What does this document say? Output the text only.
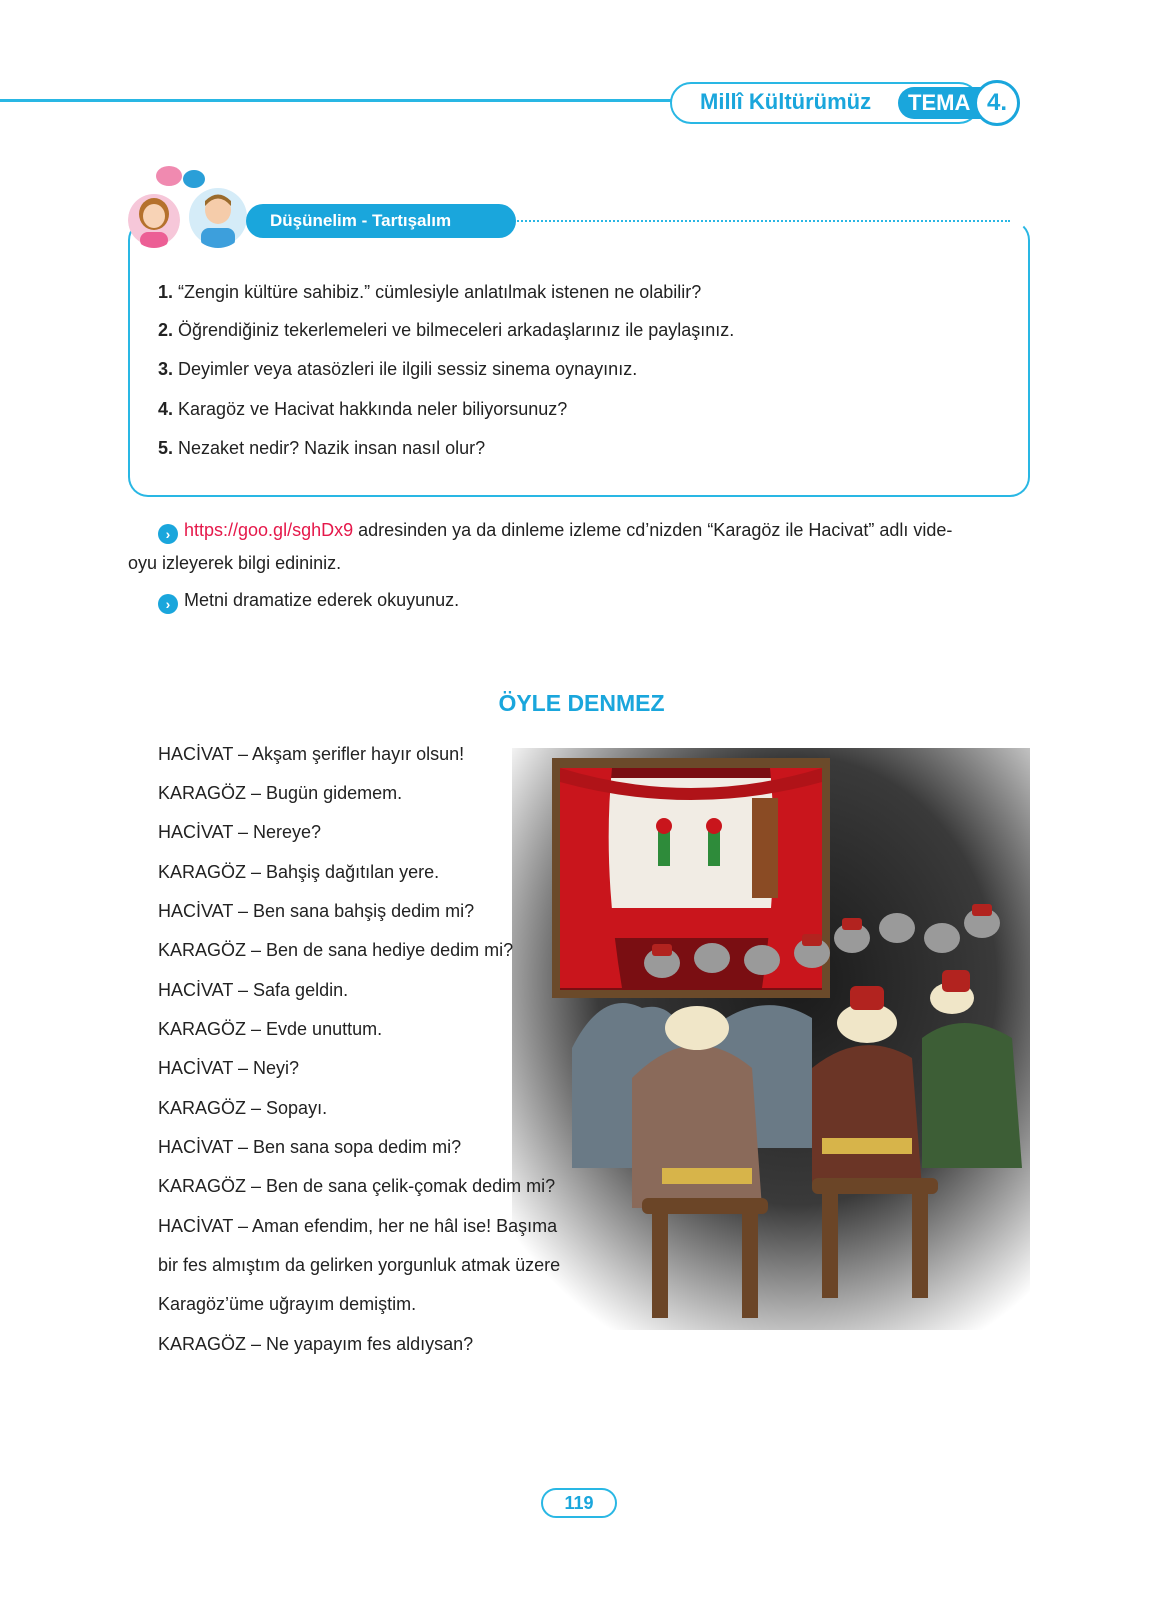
Millî Kültürümüz TEMA 4.
Düşünelim - Tartışalım
1. “Zengin kültüre sahibiz.” cümlesiyle anlatılmak istenen ne olabilir?
2. Öğrendiğiniz tekerlemeleri ve bilmeceleri arkadaşlarınız ile paylaşınız.
3. Deyimler veya atasözleri ile ilgili sessiz sinema oynayınız.
4. Karagöz ve Hacivat hakkında neler biliyorsunuz?
5. Nezaket nedir? Nazik insan nasıl olur?
› https://goo.gl/sghDx9 adresinden ya da dinleme izleme cd’nizden “Karagöz ile Hacivat” adlı vide-
oyu izleyerek bilgi edininiz.
› Metni dramatize ederek okuyunuz.
ÖYLE DENMEZ
HACİVAT – Akşam şerifler hayır olsun!
KARAGÖZ – Bugün gidemem.
HACİVAT – Nereye?
KARAGÖZ – Bahşiş dağıtılan yere.
HACİVAT – Ben sana bahşiş dedim mi?
KARAGÖZ – Ben de sana hediye dedim mi?
HACİVAT – Safa geldin.
KARAGÖZ – Evde unuttum.
HACİVAT – Neyi?
KARAGÖZ – Sopayı.
HACİVAT – Ben sana sopa dedim mi?
KARAGÖZ – Ben de sana çelik-çomak dedim mi?
HACİVAT – Aman efendim, her ne hâl ise! Başıma
bir fes almıştım da gelirken yorgunluk atmak üzere
Karagöz’üme uğrayım demiştim.
KARAGÖZ – Ne yapayım fes aldıysan?
119
